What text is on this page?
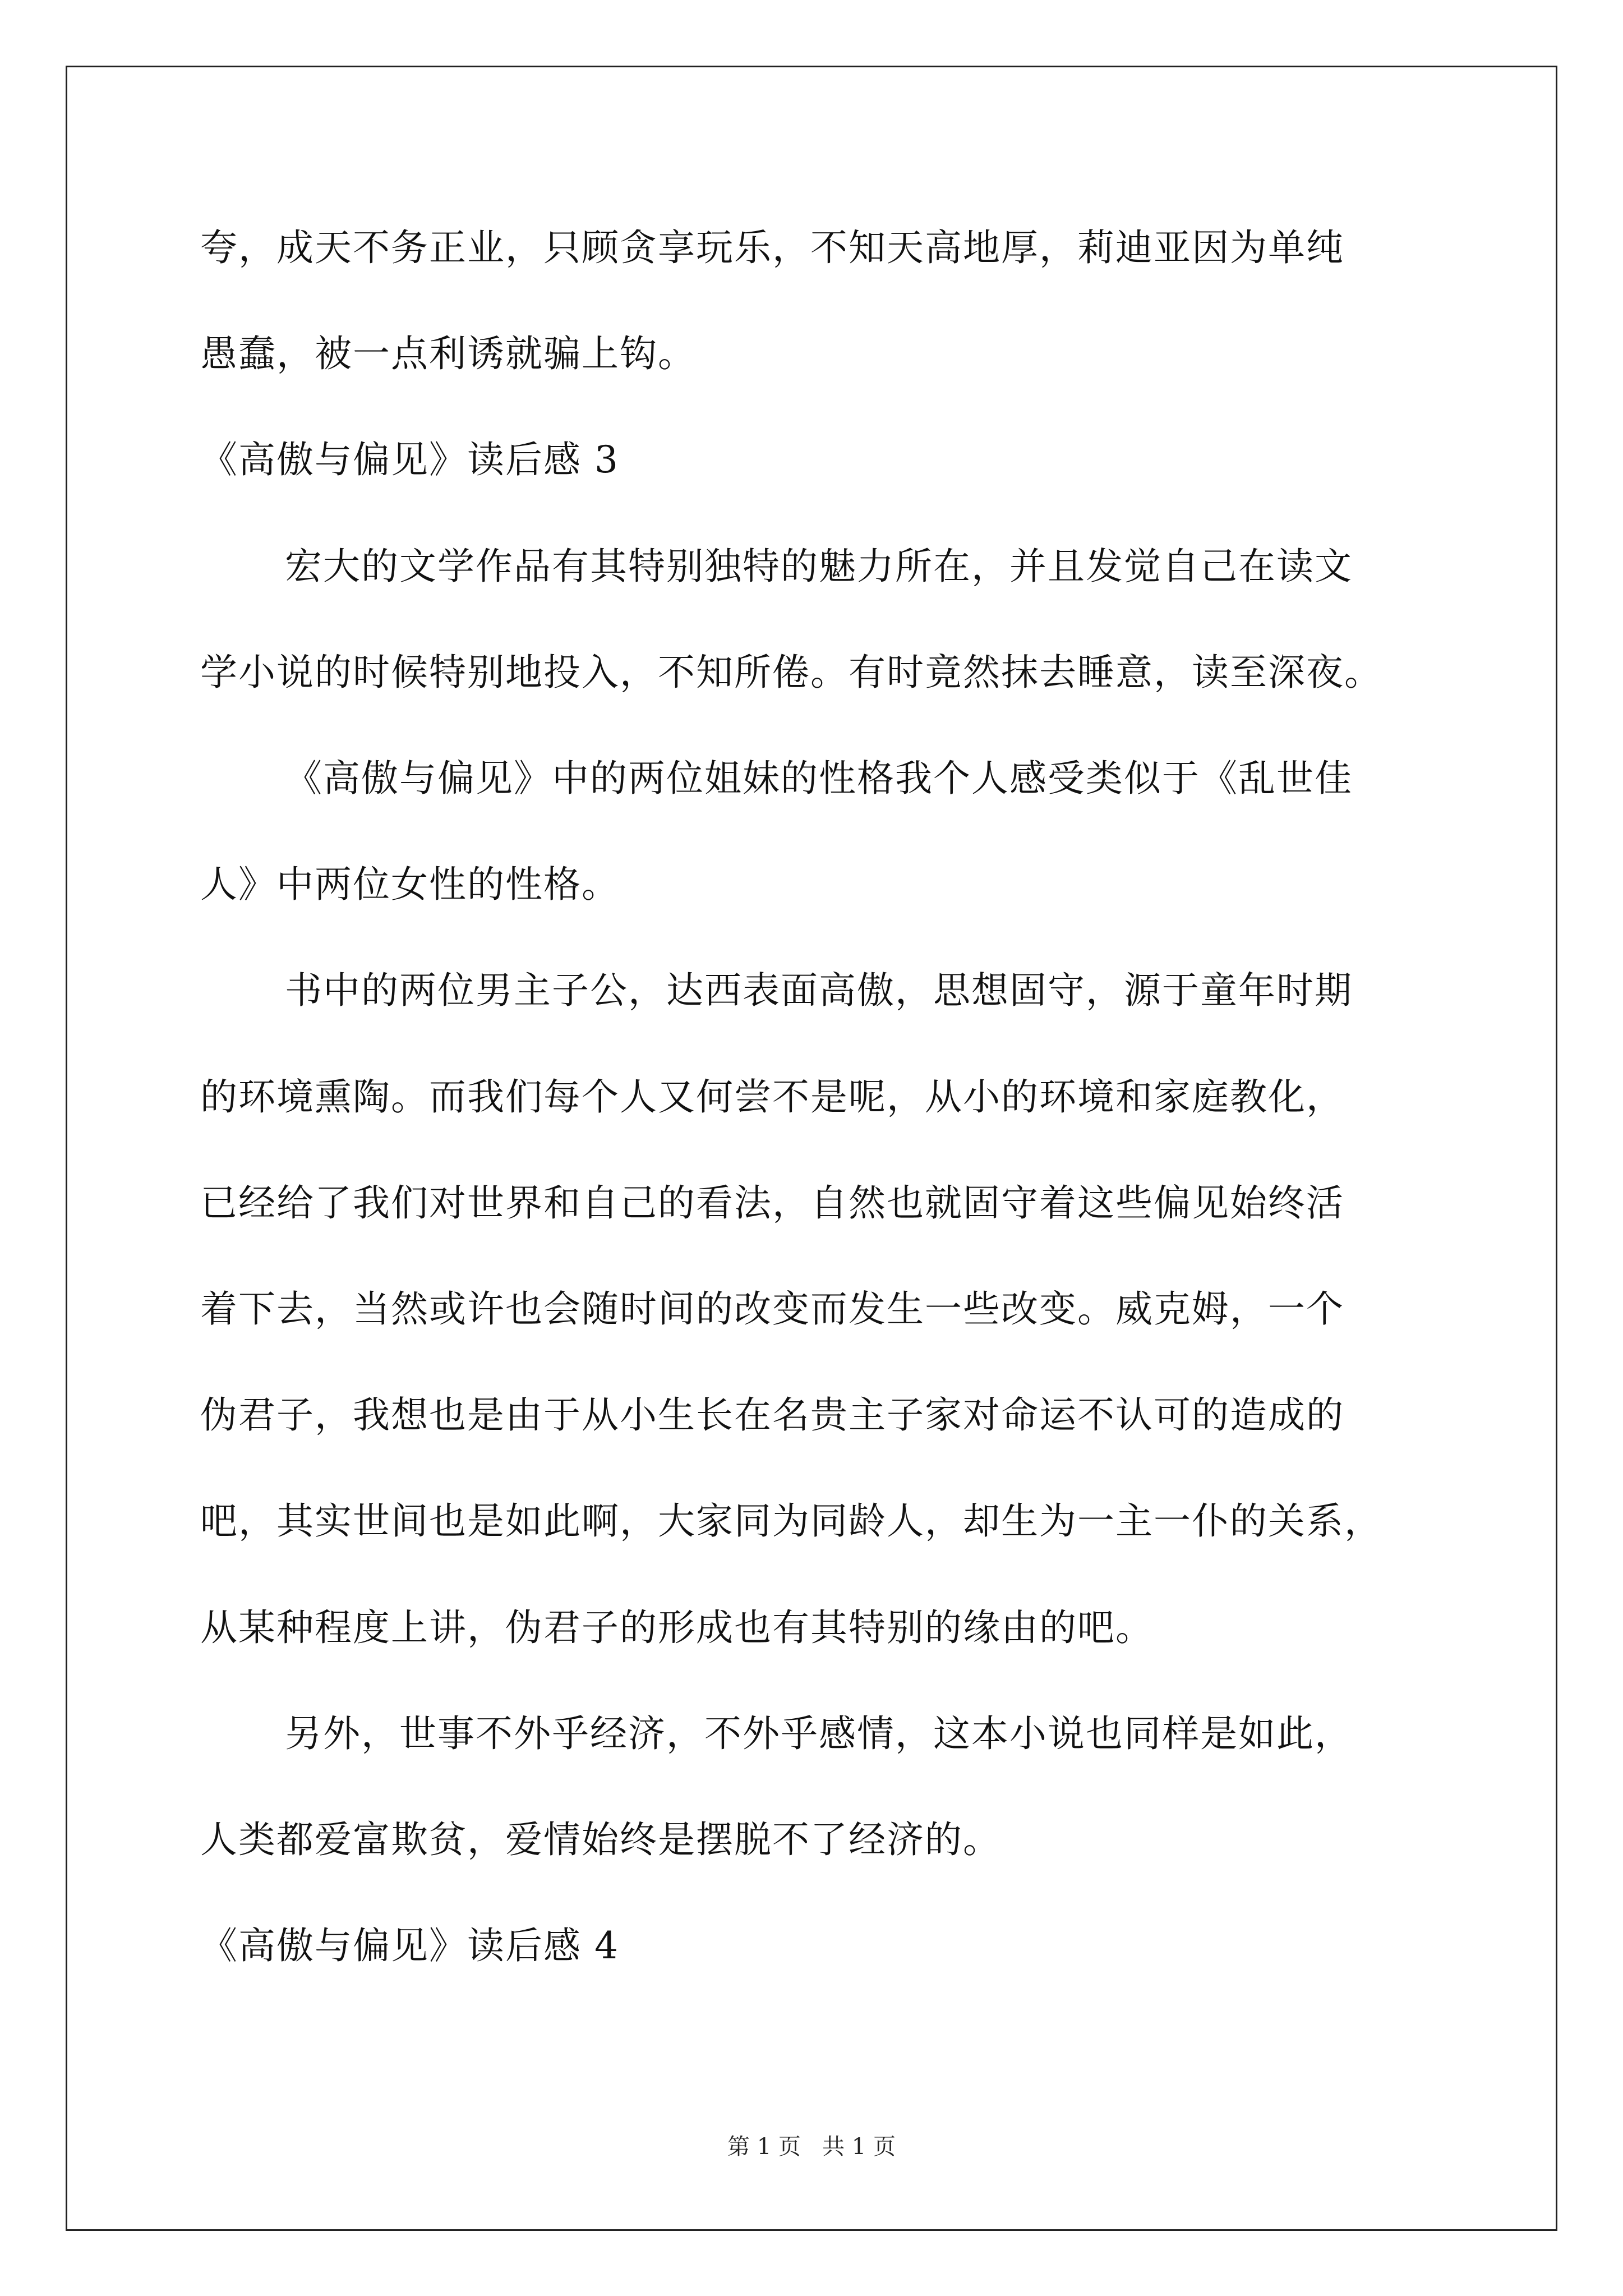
夸，成天不务正业，只顾贪享玩乐，不知天高地厚，莉迪亚因为单纯
愚蠢，被一点利诱就骗上钩。
《高傲与偏见》读后感 3
宏大的文学作品有其特别独特的魅力所在，并且发觉自己在读文
学小说的时候特别地投入，不知所倦。有时竟然抹去睡意，读至深夜。
《高傲与偏见》中的两位姐妹的性格我个人感受类似于《乱世佳
人》中两位女性的性格。
书中的两位男主子公，达西表面高傲，思想固守，源于童年时期
的环境熏陶。而我们每个人又何尝不是呢，从小的环境和家庭教化，
已经给了我们对世界和自己的看法，自然也就固守着这些偏见始终活
着下去，当然或许也会随时间的改变而发生一些改变。威克姆，一个
伪君子，我想也是由于从小生长在名贵主子家对命运不认可的造成的
吧，其实世间也是如此啊，大家同为同龄人，却生为一主一仆的关系，
从某种程度上讲，伪君子的形成也有其特别的缘由的吧。
另外，世事不外乎经济，不外乎感情，这本小说也同样是如此，
人类都爱富欺贫，爱情始终是摆脱不了经济的。
《高傲与偏见》读后感 4
第 1 页   共 1 页
